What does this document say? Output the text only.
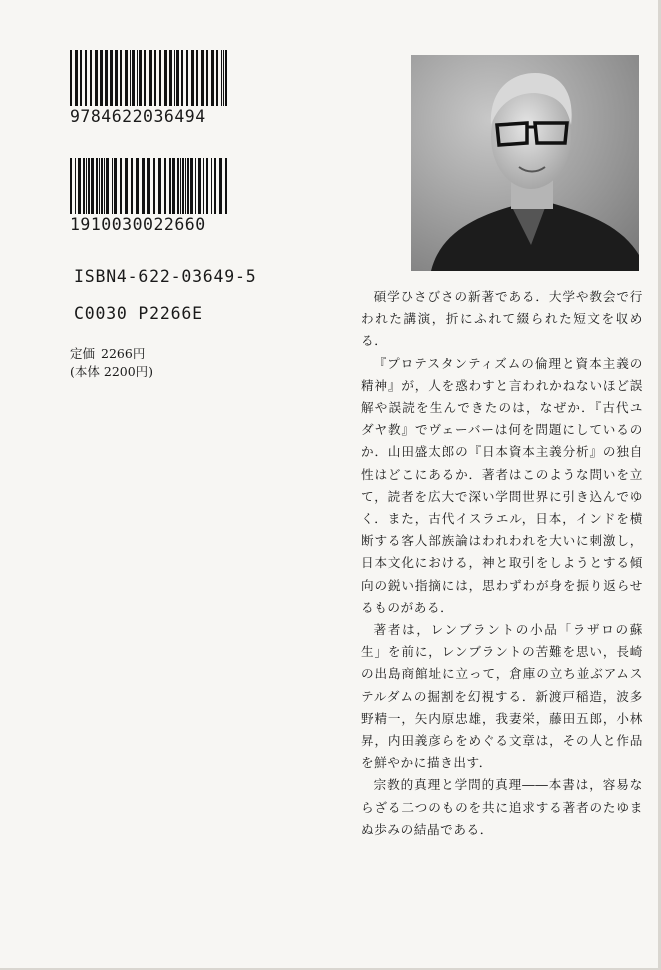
9784622036494
1910030022660
ISBN4-622-03649-5
C0030 P2266E
定価 2266円
(本体 2200円)

碩学ひさびさの新著である．大学や教会で行われた講演，折にふれて綴られた短文を収める．

『プロテスタンティズムの倫理と資本主義の精神』が，人を惑わすと言われかねないほど誤解や誤読を生んできたのは，なぜか．『古代ユダヤ教』でヴェーバーは何を問題にしているのか．山田盛太郎の『日本資本主義分析』の独自性はどこにあるか．著者はこのような問いを立て，読者を広大で深い学問世界に引き込んでゆく．また，古代イスラエル，日本，インドを横断する客人部族論はわれわれを大いに刺激し，日本文化における，神と取引をしようとする傾向の鋭い指摘には，思わずわが身を振り返らせるものがある．

著者は，レンブラントの小品「ラザロの蘇生」を前に，レンブラントの苦難を思い，長崎の出島商館址に立って，倉庫の立ち並ぶアムステルダムの掘割を幻視する．新渡戸稲造，波多野精一，矢内原忠雄，我妻栄，藤田五郎，小林昇，内田義彦らをめぐる文章は，その人と作品を鮮やかに描き出す．

宗教的真理と学問的真理――本書は，容易ならざる二つのものを共に追求する著者のたゆまぬ歩みの結晶である．
